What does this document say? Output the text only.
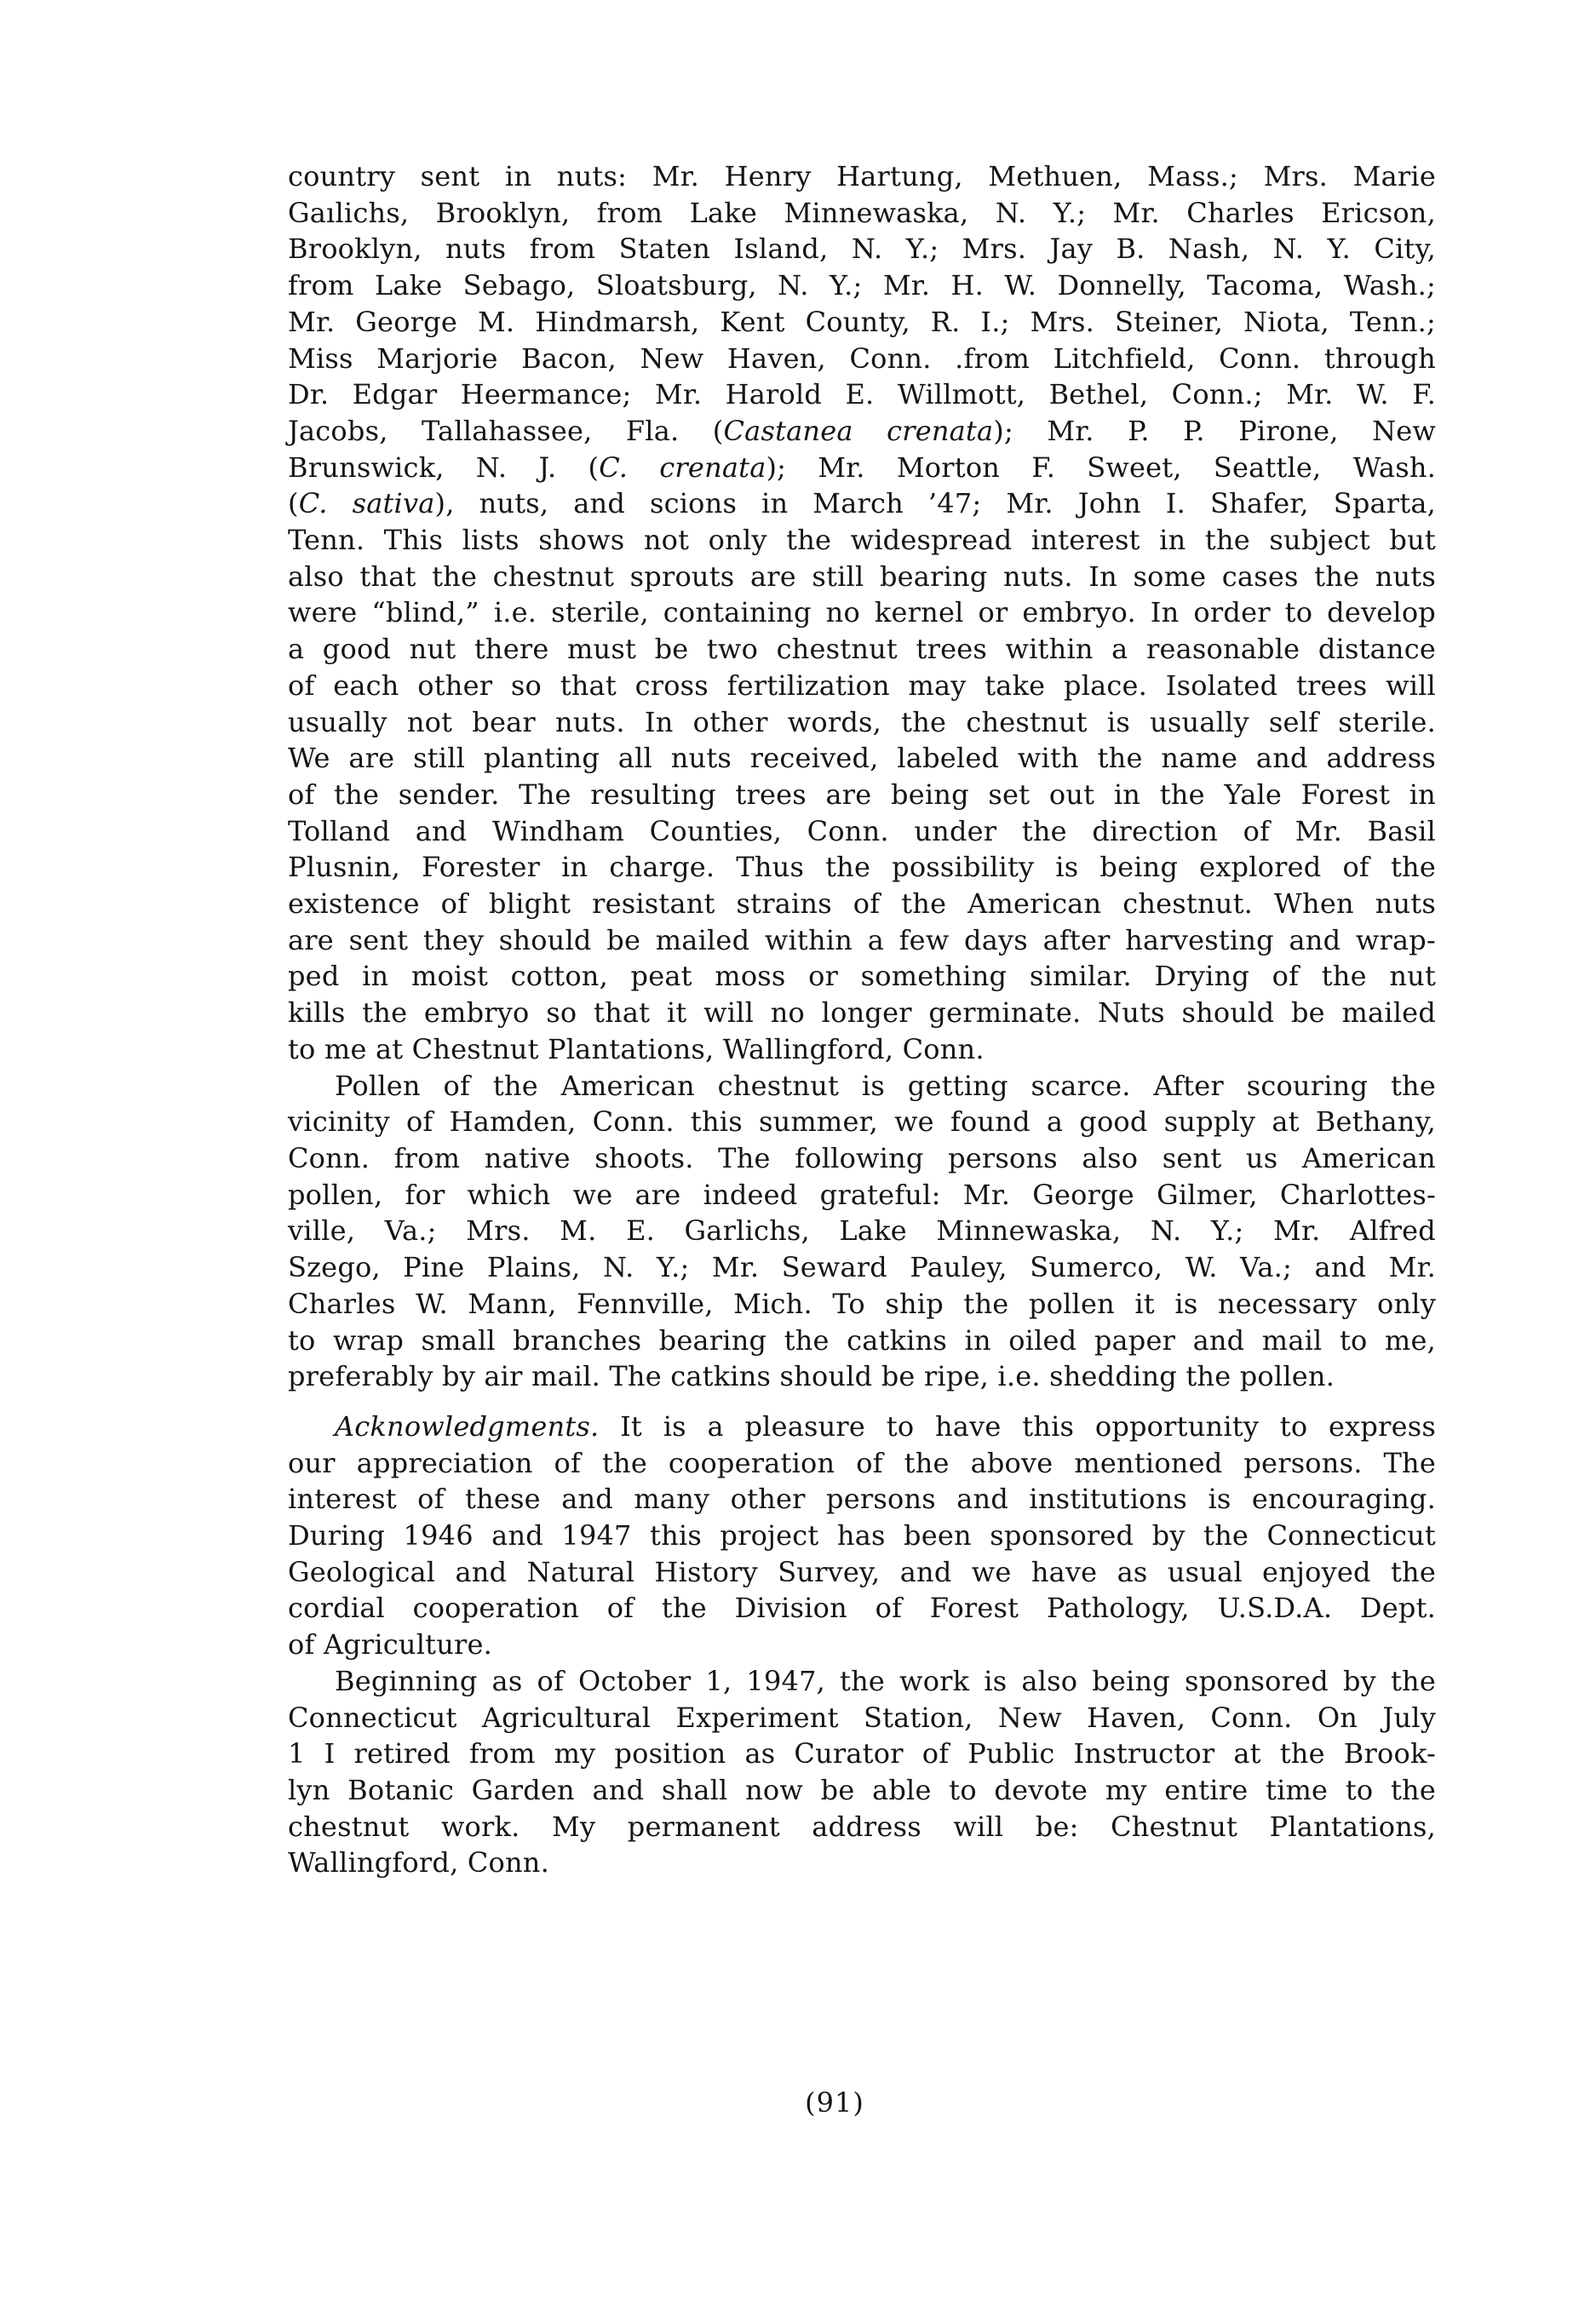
country sent in nuts: Mr. Henry Hartung, Methuen, Mass.; Mrs. Marie
Gaılichs, Brooklyn, from Lake Minnewaska, N. Y.; Mr. Charles Ericson,
Brooklyn, nuts from Staten Island, N. Y.; Mrs. Jay B. Nash, N. Y. City,
from Lake Sebago, Sloatsburg, N. Y.; Mr. H. W. Donnelly, Tacoma, Wash.;
Mr. George M. Hindmarsh, Kent County, R. I.; Mrs. Steiner, Niota, Tenn.;
Miss Marjorie Bacon, New Haven, Conn. .from Litchfield, Conn. through
Dr. Edgar Heermance; Mr. Harold E. Willmott, Bethel, Conn.; Mr. W. F.
Jacobs, Tallahassee, Fla. (Castanea crenata); Mr. P. P. Pirone, New
Brunswick, N. J. (C. crenata); Mr. Morton F. Sweet, Seattle, Wash.
(C. sativa), nuts, and scions in March ’47; Mr. John I. Shafer, Sparta,
Tenn. This lists shows not only the widespread interest in the subject but
also that the chestnut sprouts are still bearing nuts. In some cases the nuts
were “blind,” i.e. sterile, containing no kernel or embryo. In order to develop
a good nut there must be two chestnut trees within a reasonable distance
of each other so that cross fertilization may take place. Isolated trees will
usually not bear nuts. In other words, the chestnut is usually self sterile.
We are still planting all nuts received, labeled with the name and address
of the sender. The resulting trees are being set out in the Yale Forest in
Tolland and Windham Counties, Conn. under the direction of Mr. Basil
Plusnin, Forester in charge. Thus the possibility is being explored of the
existence of blight resistant strains of the American chestnut. When nuts
are sent they should be mailed within a few days after harvesting and wrap-
ped in moist cotton, peat moss or something similar. Drying of the nut
kills the embryo so that it will no longer germinate. Nuts should be mailed
to me at Chestnut Plantations, Wallingford, Conn.
Pollen of the American chestnut is getting scarce. After scouring the
vicinity of Hamden, Conn. this summer, we found a good supply at Bethany,
Conn. from native shoots. The following persons also sent us American
pollen, for which we are indeed grateful: Mr. George Gilmer, Charlottes-
ville, Va.; Mrs. M. E. Garlichs, Lake Minnewaska, N. Y.; Mr. Alfred
Szego, Pine Plains, N. Y.; Mr. Seward Pauley, Sumerco, W. Va.; and Mr.
Charles W. Mann, Fennville, Mich. To ship the pollen it is necessary only
to wrap small branches bearing the catkins in oiled paper and mail to me,
preferably by air mail. The catkins should be ripe, i.e. shedding the pollen.
Acknowledgments. It is a pleasure to have this opportunity to express
our appreciation of the cooperation of the above mentioned persons. The
interest of these and many other persons and institutions is encouraging.
During 1946 and 1947 this project has been sponsored by the Connecticut
Geological and Natural History Survey, and we have as usual enjoyed the
cordial cooperation of the Division of Forest Pathology, U.S.D.A. Dept.
of Agriculture.
Beginning as of October 1, 1947, the work is also being sponsored by the
Connecticut Agricultural Experiment Station, New Haven, Conn. On July
1 I retired from my position as Curator of Public Instructor at the Brook-
lyn Botanic Garden and shall now be able to devote my entire time to the
chestnut work. My permanent address will be: Chestnut Plantations,
Wallingford, Conn.
(91)
